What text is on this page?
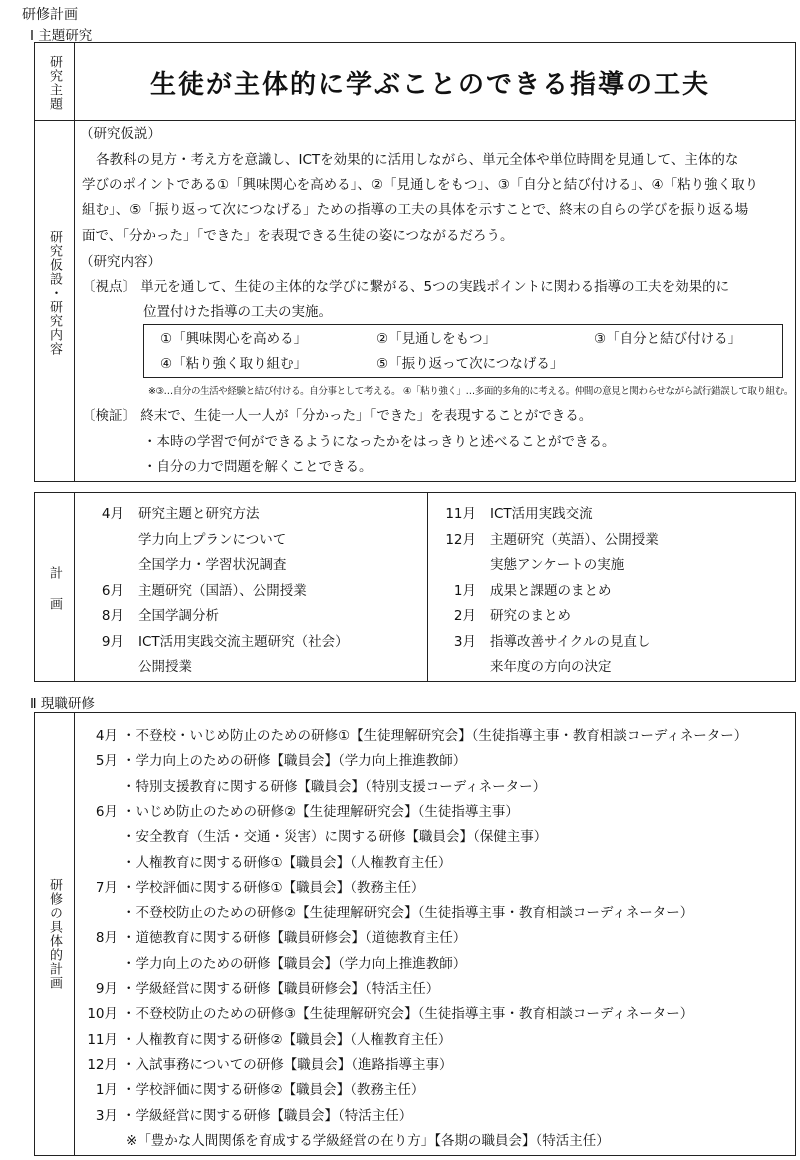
研修計画
Ⅰ 主題研究
研究主題	生徒が主体的に学ぶことのできる指導の工夫
研究仮設・研究内容
（研究仮説）
各教科の見方・考え方を意識し、ICTを効果的に活用しながら、単元全体や単位時間を見通して、主体的な
学びのポイントである①「興味関心を高める」、②「見通しをもつ」、③「自分と結び付ける」、④「粘り強く取り
組む」、⑤「振り返って次につなげる」ための指導の工夫の具体を示すことで、終末の自らの学びを振り返る場
面で、「分かった」「できた」を表現できる生徒の姿につながるだろう。
（研究内容）
〔視点〕 単元を通して、生徒の主体的な学びに繋がる、5つの実践ポイントに関わる指導の工夫を効果的に
位置付けた指導の工夫の実施。
①「興味関心を高める」	②「見通しをもつ」	③「自分と結び付ける」
④「粘り強く取り組む」	⑤「振り返って次につなげる」
※③…自分の生活や経験と結び付ける。自分事として考える。 ④「粘り強く」…多面的多角的に考える。仲間の意見と関わらせながら試行錯誤して取り組む。
〔検証〕 終末で、生徒一人一人が「分かった」「できた」を表現することができる。
・本時の学習で何ができるようになったかをはっきりと述べることができる。
・自分の力で問題を解くことできる。
計画
4月 研究主題と研究方法
学力向上プランについて
全国学力・学習状況調査
6月 主題研究（国語）、公開授業
8月 全国学調分析
9月 ICT活用実践交流主題研究（社会）
公開授業
11月 ICT活用実践交流
12月 主題研究（英語）、公開授業
実態アンケートの実施
1月 成果と課題のまとめ
2月 研究のまとめ
3月 指導改善サイクルの見直し
来年度の方向の決定
Ⅱ 現職研修
研修の具体的計画
4月 ・不登校・いじめ防止のための研修①【生徒理解研究会】（生徒指導主事・教育相談コーディネーター）
5月 ・学力向上のための研修【職員会】（学力向上推進教師）
・特別支援教育に関する研修【職員会】（特別支援コーディネーター）
6月 ・いじめ防止のための研修②【生徒理解研究会】（生徒指導主事）
・安全教育（生活・交通・災害）に関する研修【職員会】（保健主事）
・人権教育に関する研修①【職員会】（人権教育主任）
7月 ・学校評価に関する研修①【職員会】（教務主任）
・不登校防止のための研修②【生徒理解研究会】（生徒指導主事・教育相談コーディネーター）
8月 ・道徳教育に関する研修【職員研修会】（道徳教育主任）
・学力向上のための研修【職員会】（学力向上推進教師）
9月 ・学級経営に関する研修【職員研修会】（特活主任）
10月 ・不登校防止のための研修③【生徒理解研究会】（生徒指導主事・教育相談コーディネーター）
11月 ・人権教育に関する研修②【職員会】（人権教育主任）
12月 ・入試事務についての研修【職員会】（進路指導主事）
1月 ・学校評価に関する研修②【職員会】（教務主任）
3月 ・学級経営に関する研修【職員会】（特活主任）
※「豊かな人間関係を育成する学級経営の在り方」【各期の職員会】（特活主任）
